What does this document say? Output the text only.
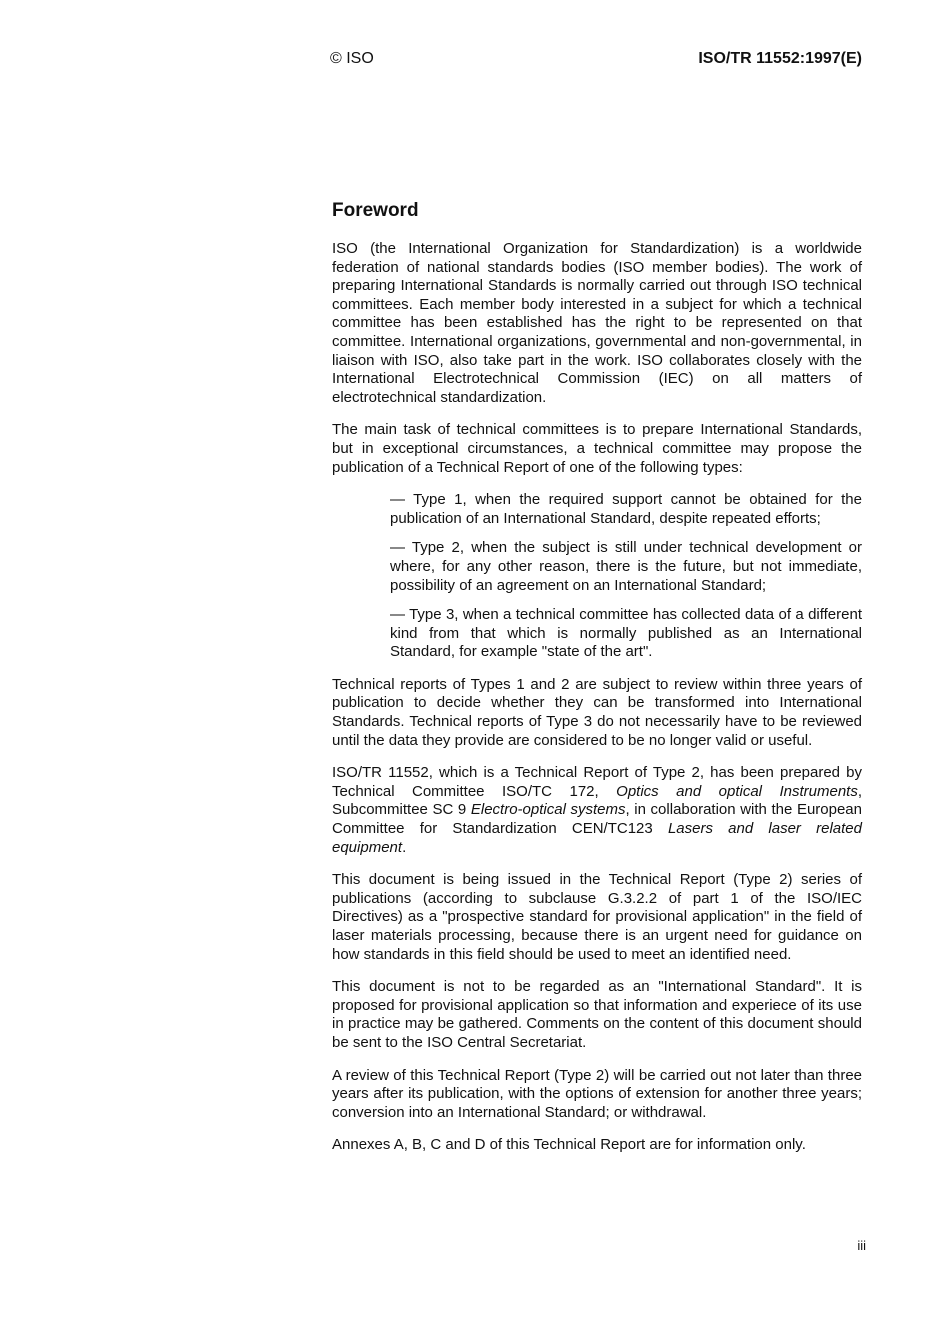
© ISO	ISO/TR 11552:1997(E)
Foreword

ISO (the International Organization for Standardization) is a worldwide federation of national standards bodies (ISO member bodies). The work of preparing International Standards is normally carried out through ISO technical committees. Each member body interested in a subject for which a technical committee has been established has the right to be represented on that committee. International organizations, governmental and non-governmental, in liaison with ISO, also take part in the work. ISO collaborates closely with the International Electrotechnical Commission (IEC) on all matters of electrotechnical standardization.

The main task of technical committees is to prepare International Standards, but in exceptional circumstances, a technical committee may propose the publication of a Technical Report of one of the following types:

— Type 1, when the required support cannot be obtained for the publication of an International Standard, despite repeated efforts;
— Type 2, when the subject is still under technical development or where, for any other reason, there is the future, but not immediate, possibility of an agreement on an International Standard;
— Type 3, when a technical committee has collected data of a different kind from that which is normally published as an International Standard, for example "state of the art".

Technical reports of Types 1 and 2 are subject to review within three years of publication to decide whether they can be transformed into International Standards. Technical reports of Type 3 do not necessarily have to be reviewed until the data they provide are considered to be no longer valid or useful.

ISO/TR 11552, which is a Technical Report of Type 2, has been prepared by Technical Committee ISO/TC 172, Optics and optical Instruments, Subcommittee SC 9 Electro-optical systems, in collaboration with the European Committee for Standardization CEN/TC123 Lasers and laser related equipment.

This document is being issued in the Technical Report (Type 2) series of publications (according to subclause G.3.2.2 of part 1 of the ISO/IEC Directives) as a "prospective standard for provisional application" in the field of laser materials processing, because there is an urgent need for guidance on how standards in this field should be used to meet an identified need.

This document is not to be regarded as an "International Standard". It is proposed for provisional application so that information and experiece of its use in practice may be gathered. Comments on the content of this document should be sent to the ISO Central Secretariat.

A review of this Technical Report (Type 2) will be carried out not later than three years after its publication, with the options of extension for another three years; conversion into an International Standard; or withdrawal.

Annexes A, B, C and D of this Technical Report are for information only.

iii
